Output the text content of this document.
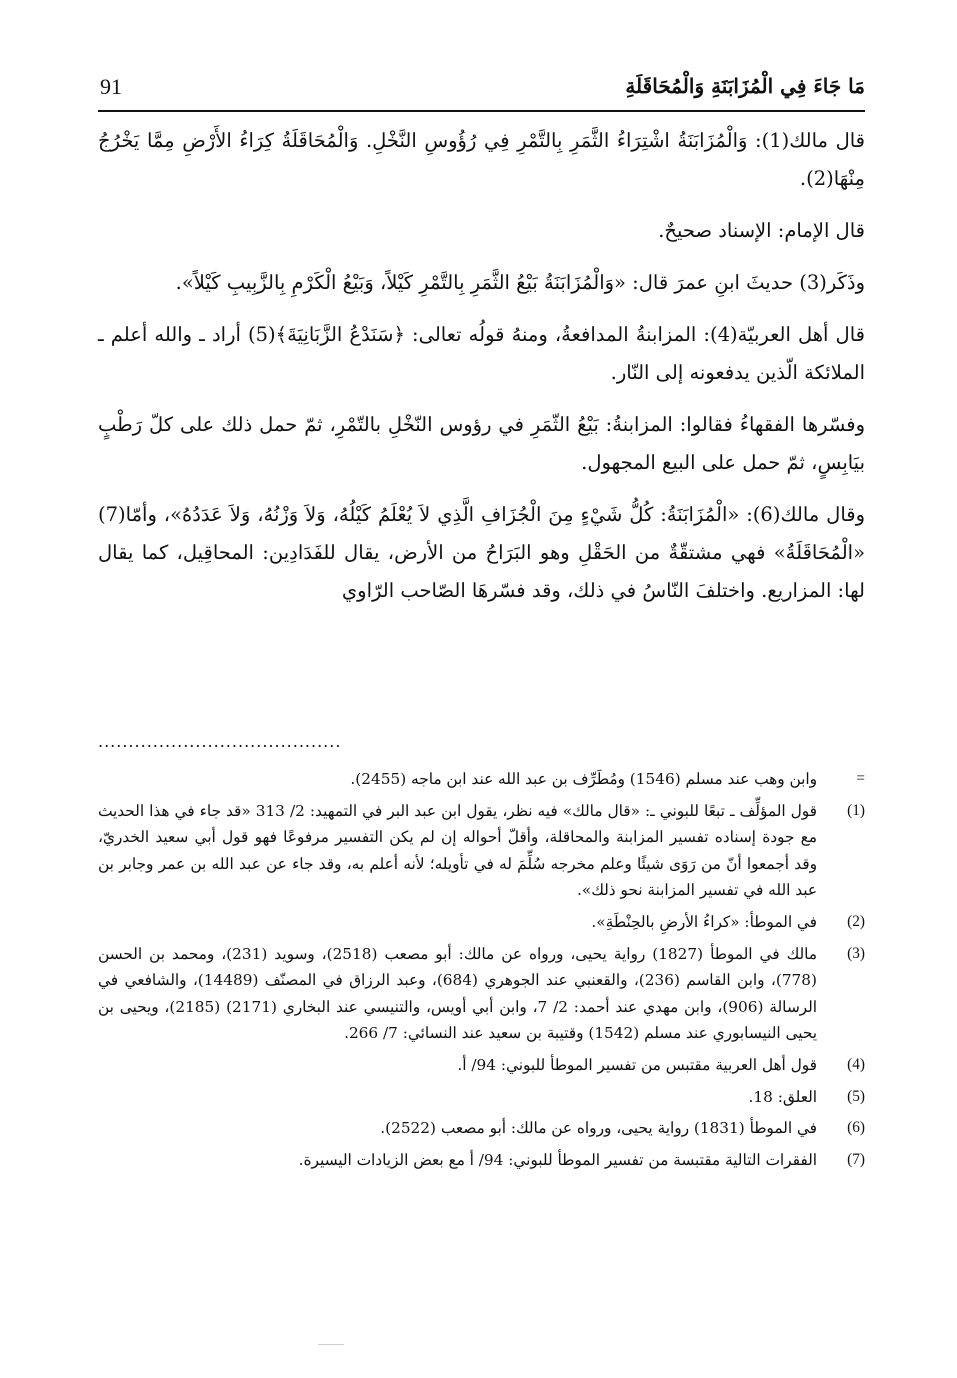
91	مَا جَاءَ فِي الْمُزَابَنَةِ وَالْمُحَاقَلَةِ

قال مالك(1): وَالْمُزَابَنَةُ اشْتِرَاءُ الثَّمَرِ بِالتَّمْرِ فِي رُؤُوسِ النَّخْلِ. وَالْمُحَاقَلَةُ كِرَاءُ الأَرْضِ مِمَّا يَخْرُجُ مِنْهَا(2).

قال الإمام: الإسناد صحيحٌ.

وذَكَر(3) حديثَ ابنِ عمرَ قال: «وَالْمُزَابَنَةُ بَيْعُ الثَّمَرِ بِالتَّمْرِ كَيْلاً، وَبَيْعُ الْكَرْمِ بِالزَّبِيبِ كَيْلاً».

قال أهل العربيّة(4): المزابنةُ المدافعةُ، ومنهُ قولُه تعالى: ﴿سَنَدْعُ الزَّبَانِيَةَ﴾(5) أراد ـ والله أعلم ـ الملائكة الّذين يدفعونه إلى النّار.

وفسّرها الفقهاءُ فقالوا: المزابنةُ: بَيْعُ الثّمَرِ في رؤوس النّخْلِ بالتّمْرِ، ثمّ حمل ذلك على كلّ رَطْبٍ بيَابِسٍ، ثمّ حمل على البيع المجهول.

وقال مالك(6): «الْمُزَابَنَةُ: كُلُّ شَيْءٍ مِنَ الْجُزَافِ الَّذِي لاَ يُعْلَمُ كَيْلُهُ، وَلاَ وَزْنُهُ، وَلاَ عَدَدُهُ»، وأمّا(7) «الْمُحَاقَلَةُ» فهي مشتقّةٌ من الحَقْلِ وهو البَرَاحُ من الأرض، يقال للفَدَادِين: المحاقِيل، كما يقال لها: المزاريع. واختلفَ النّاسُ في ذلك، وقد فسّرهَا الصّاحب الرّاوي

........................................
=
وابن وهب عند مسلم (1546) ومُطَرِّف بن عبد الله عند ابن ماجه (2455).
(1)
قول المؤلِّف ـ تبعًا للبوني ـ: «قال مالك» فيه نظر، يقول ابن عبد البر في التمهيد: 2/ 313 «قد جاء في هذا الحديث مع جودة إسناده تفسير المزابنة والمحاقلة، وأقلّ أحواله إن لم يكن التفسير مرفوعًا فهو قول أبي سعيد الخدريّ، وقد أجمعوا أنّ من رَوَى شيئًا وعلم مخرجه سُلِّمَ له في تأويله؛ لأنه أعلم به، وقد جاء عن عبد الله بن عمر وجابر بن عبد الله في تفسير المزابنة نحو ذلك».
(2)
في الموطأ: «كراءُ الأرضِ بالحِنْطَةِ».
(3)
مالك في الموطأ (1827) رواية يحيى، ورواه عن مالك: أبو مصعب (2518)، وسويد (231)، ومحمد بن الحسن (778)، وابن القاسم (236)، والقعنبي عند الجوهري (684)، وعبد الرزاق في المصنّف (14489)، والشافعي في الرسالة (906)، وابن مهدي عند أحمد: 2/ 7، وابن أبي أويس، والتنيسي عند البخاري (2171) (2185)، ويحيى بن يحيى النيسابوري عند مسلم (1542) وقتيبة بن سعيد عند النسائي: 7/ 266.
(4)
قول أهل العربية مقتبس من تفسير الموطأ للبوني: 94/ أ.
(5)
العلق: 18.
(6)
في الموطأ (1831) رواية يحيى، ورواه عن مالك: أبو مصعب (2522).
(7)
الفقرات التالية مقتبسة من تفسير الموطأ للبوني: 94/ أ مع بعض الزيادات اليسيرة.
